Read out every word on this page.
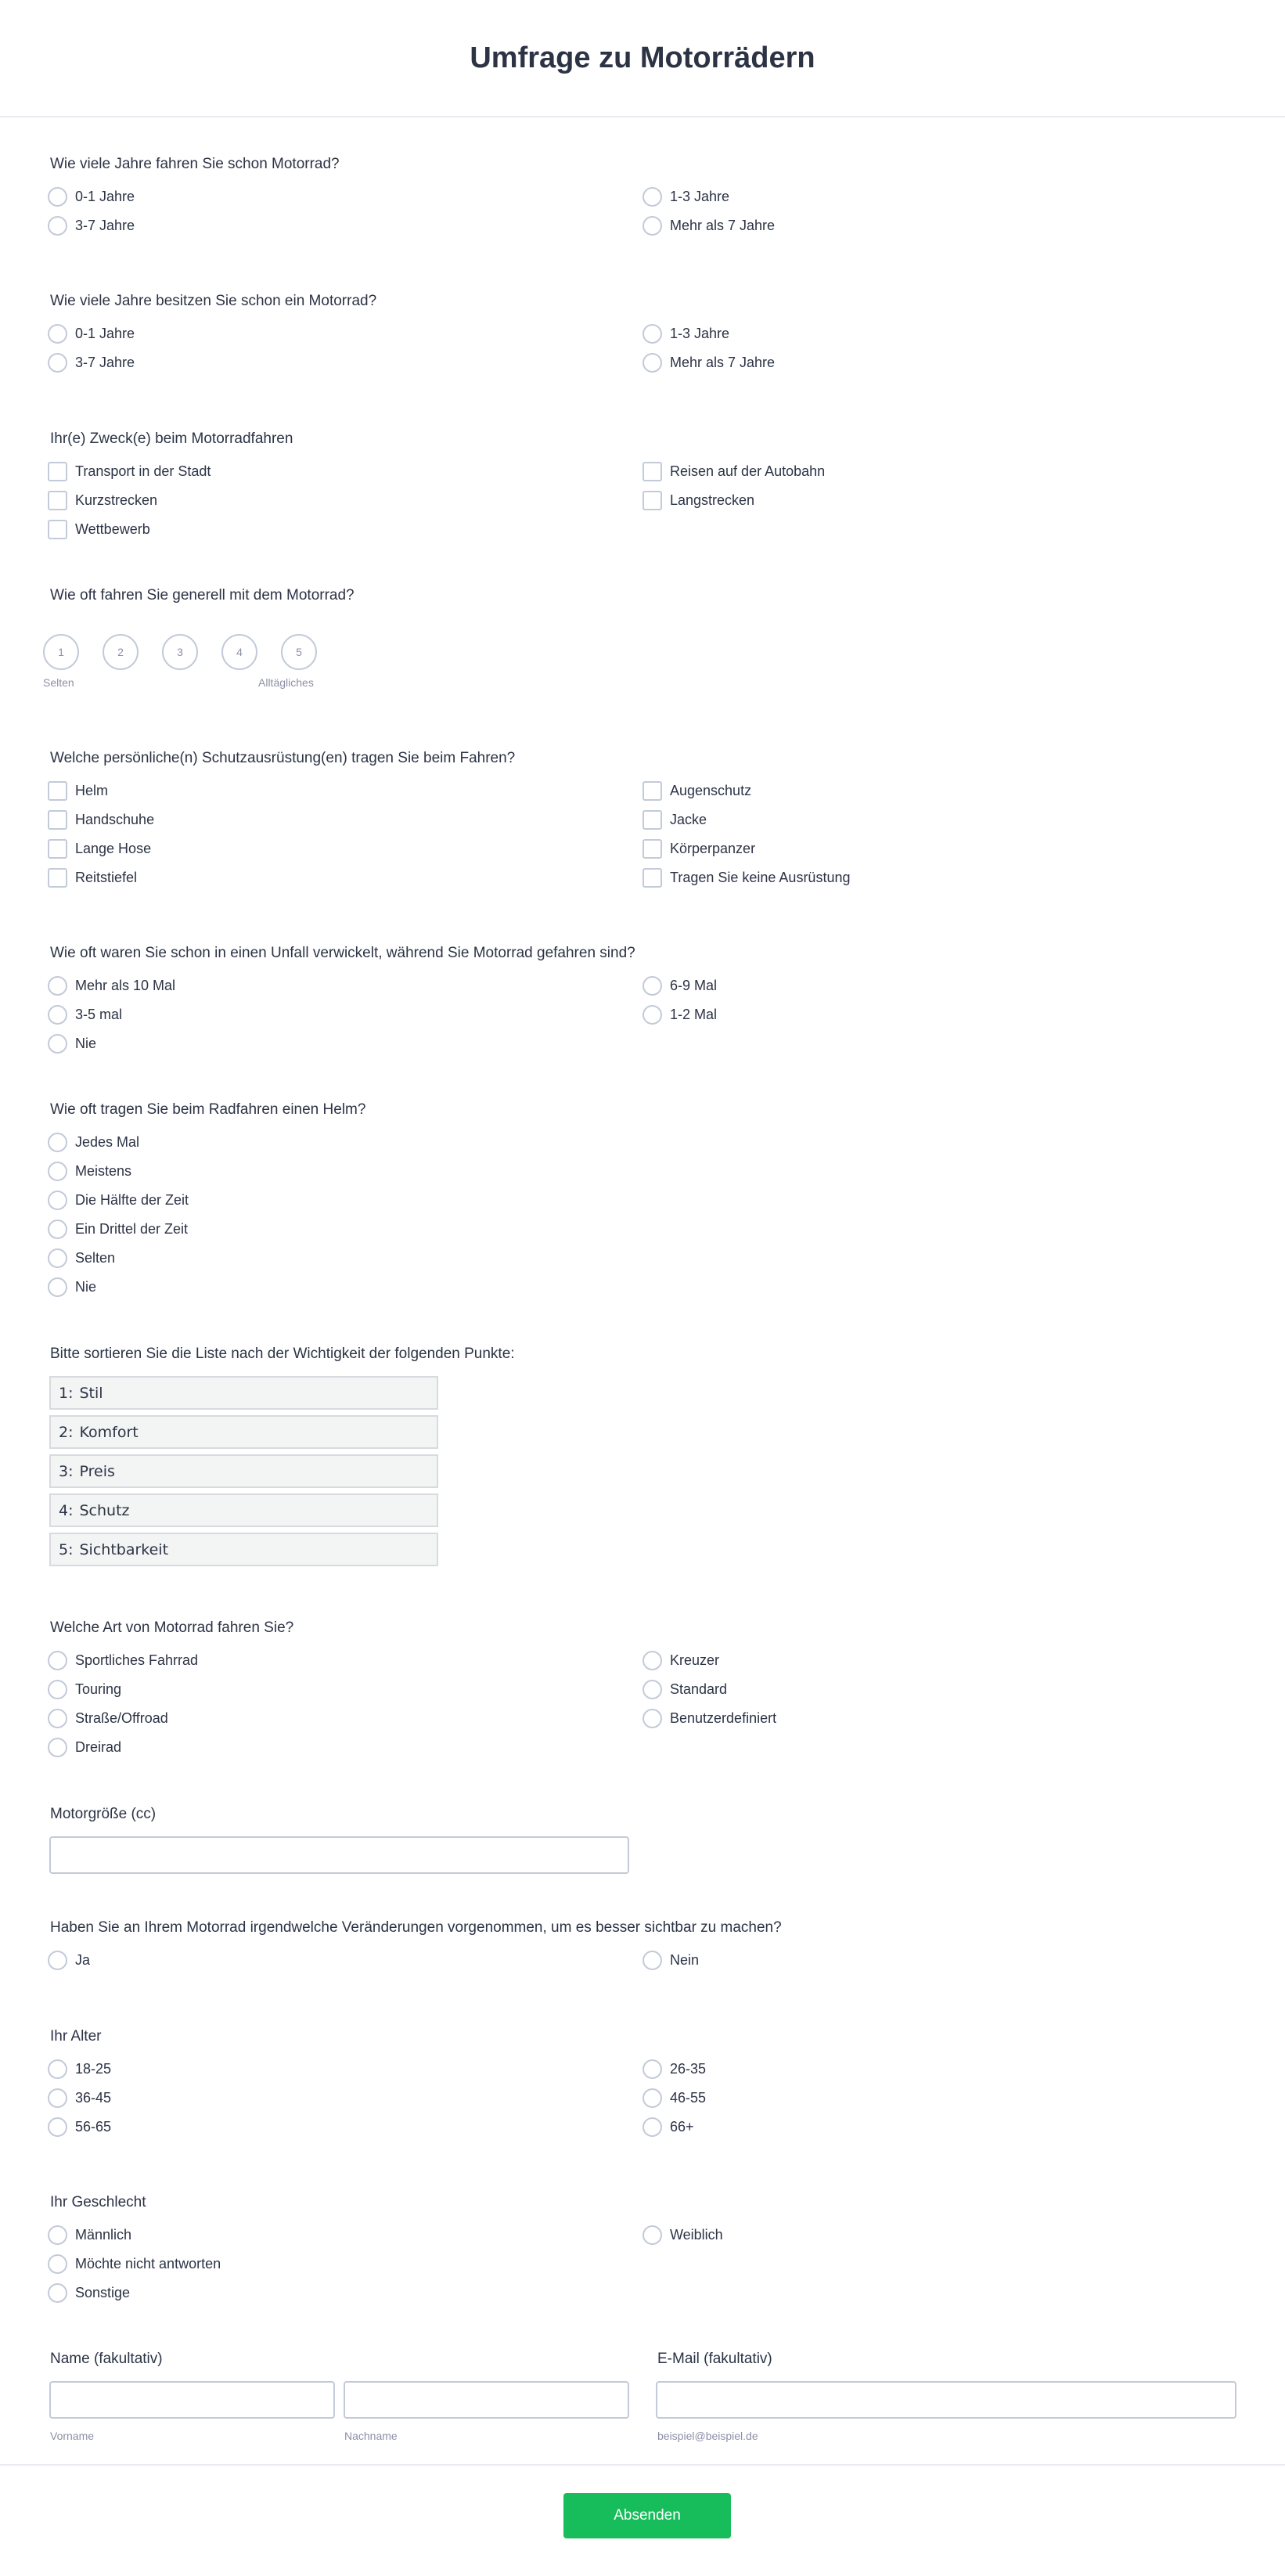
Umfrage zu Motorrädern
Wie viele Jahre fahren Sie schon Motorrad?
0-1 Jahre	1-3 Jahre
3-7 Jahre	Mehr als 7 Jahre
Wie viele Jahre besitzen Sie schon ein Motorrad?
0-1 Jahre	1-3 Jahre
3-7 Jahre	Mehr als 7 Jahre
Ihr(e) Zweck(e) beim Motorradfahren
Transport in der Stadt	Reisen auf der Autobahn
Kurzstrecken	Langstrecken
Wettbewerb
Wie oft fahren Sie generell mit dem Motorrad?
1	2	3	4	5
Selten	Alltägliches
Welche persönliche(n) Schutzausrüstung(en) tragen Sie beim Fahren?
Helm	Augenschutz
Handschuhe	Jacke
Lange Hose	Körperpanzer
Reitstiefel	Tragen Sie keine Ausrüstung
Wie oft waren Sie schon in einen Unfall verwickelt, während Sie Motorrad gefahren sind?
Mehr als 10 Mal	6-9 Mal
3-5 mal	1-2 Mal
Nie
Wie oft tragen Sie beim Radfahren einen Helm?
Jedes Mal
Meistens
Die Hälfte der Zeit
Ein Drittel der Zeit
Selten
Nie
Bitte sortieren Sie die Liste nach der Wichtigkeit der folgenden Punkte:
1: Stil
2: Komfort
3: Preis
4: Schutz
5: Sichtbarkeit
Welche Art von Motorrad fahren Sie?
Sportliches Fahrrad	Kreuzer
Touring	Standard
Straße/Offroad	Benutzerdefiniert
Dreirad
Motorgröße (cc)
Haben Sie an Ihrem Motorrad irgendwelche Veränderungen vorgenommen, um es besser sichtbar zu machen?
Ja	Nein
Ihr Alter
18-25	26-35
36-45	46-55
56-65	66+
Ihr Geschlecht
Männlich	Weiblich
Möchte nicht antworten
Sonstige
Name (fakultativ)
Vorname	Nachname
E-Mail (fakultativ)
beispiel@beispiel.de
Absenden
